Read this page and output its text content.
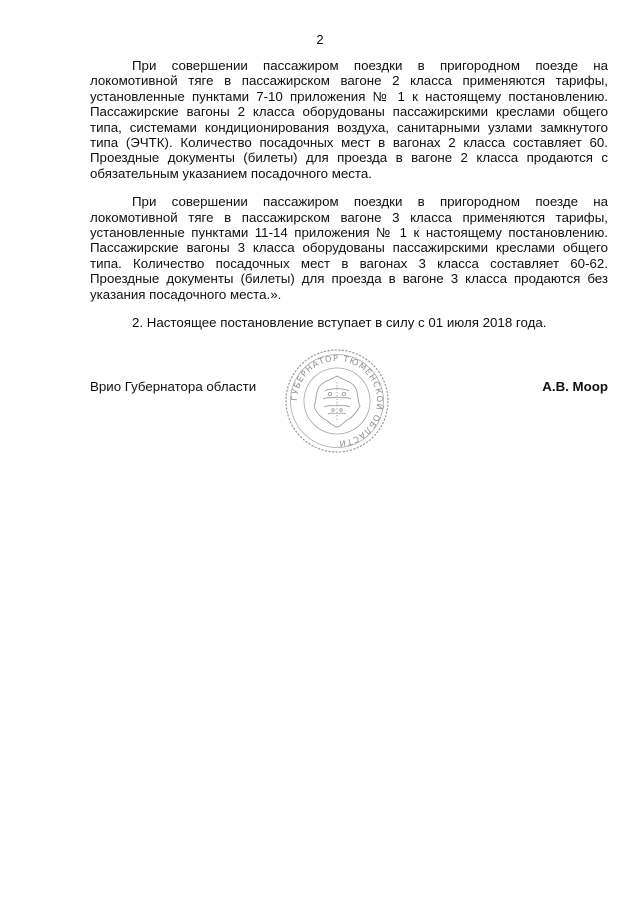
2

При совершении пассажиром поездки в пригородном поезде на локомотивной тяге в пассажирском вагоне 2 класса применяются тарифы, установленные пунктами 7-10 приложения № 1 к настоящему постановлению. Пассажирские вагоны 2 класса оборудованы пассажирскими креслами общего типа, системами кондиционирования воздуха, санитарными узлами замкнутого типа (ЭЧТК). Количество посадочных мест в вагонах 2 класса составляет 60. Проездные документы (билеты) для проезда в вагоне 2 класса продаются с обязательным указанием посадочного места.

При совершении пассажиром поездки в пригородном поезде на локомотивной тяге в пассажирском вагоне 3 класса применяются тарифы, установленные пунктами 11-14 приложения № 1 к настоящему постановлению. Пассажирские вагоны 3 класса оборудованы пассажирскими креслами общего типа. Количество посадочных мест в вагонах 3 класса составляет 60-62. Проездные документы (билеты) для проезда в вагоне 3 класса продаются без указания посадочного места.».

2. Настоящее постановление вступает в силу с 01 июля 2018 года.

Врио Губернатора области	А.В. Моор
ГУБЕРНАТОР ТЮМЕНСКОЙ ОБЛАСТИ
